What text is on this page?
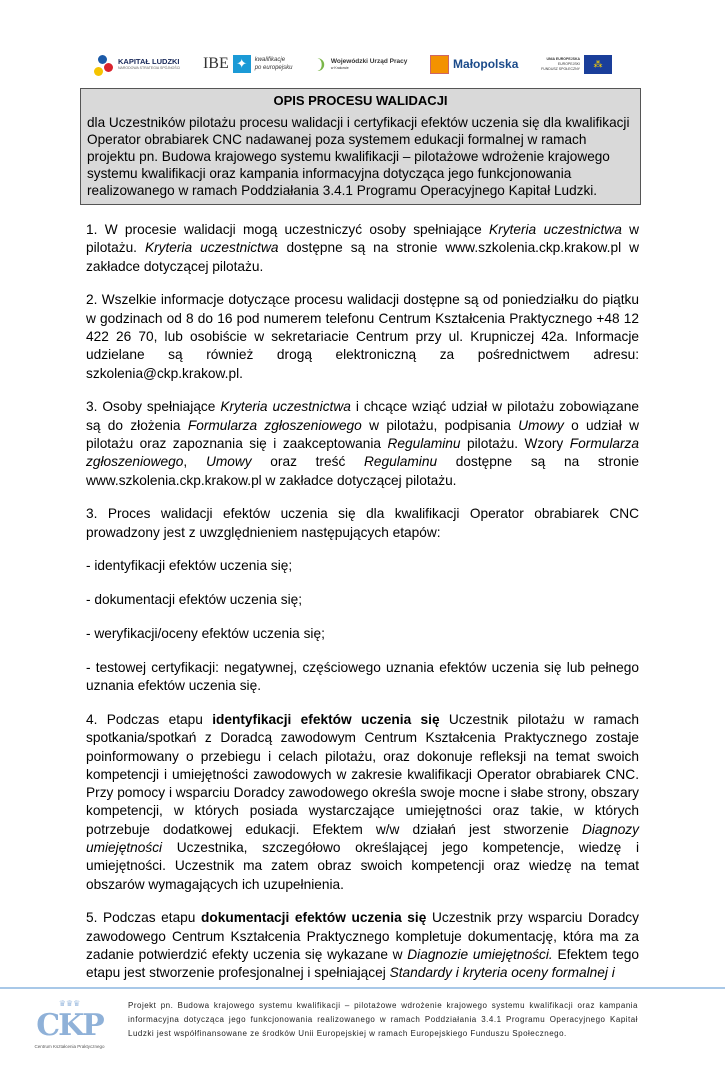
KAPITAŁ LUDZKI
NARODOWA STRATEGIA SPÓJNOŚCI IBE ✦	kwalifikacje
po europejsku ❩ Wojewódzki Urząd Pracy
w Krakowie	Małopolska	UNIA EUROPEJSKA
EUROPEJSKI
FUNDUSZ SPOŁECZNY	⁂
OPIS PROCESU WALIDACJI

dla Uczestników pilotażu procesu walidacji i certyfikacji efektów uczenia się dla kwalifikacji Operator obrabiarek CNC nadawanej poza systemem edukacji formalnej w ramach projektu pn. Budowa krajowego systemu kwalifikacji – pilotażowe wdrożenie krajowego systemu kwalifikacji oraz kampania informacyjna dotycząca jego funkcjonowania realizowanego w ramach Poddziałania 3.4.1 Programu Operacyjnego Kapitał Ludzki.

1. W procesie walidacji mogą uczestniczyć osoby spełniające Kryteria uczestnictwa w pilotażu. Kryteria uczestnictwa dostępne są na stronie www.szkolenia.ckp.krakow.pl w zakładce dotyczącej pilotażu.

2. Wszelkie informacje dotyczące procesu walidacji dostępne są od poniedziałku do piątku w godzinach od 8 do 16 pod numerem telefonu Centrum Kształcenia Praktycznego +48 12 422 26 70, lub osobiście w sekretariacie Centrum przy ul. Krupniczej 42a. Informacje udzielane są również drogą elektroniczną za pośrednictwem adresu: szkolenia@ckp.krakow.pl.

3. Osoby spełniające Kryteria uczestnictwa i chcące wziąć udział w pilotażu zobowiązane są do złożenia Formularza zgłoszeniowego w pilotażu, podpisania Umowy o udział w pilotażu oraz zapoznania się i zaakceptowania Regulaminu pilotażu. Wzory Formularza zgłoszeniowego, Umowy oraz treść Regulaminu dostępne są na stronie www.szkolenia.ckp.krakow.pl w zakładce dotyczącej pilotażu.

3. Proces walidacji efektów uczenia się dla kwalifikacji Operator obrabiarek CNC prowadzony jest z uwzględnieniem następujących etapów:

- identyfikacji efektów uczenia się;

- dokumentacji efektów uczenia się;

- weryfikacji/oceny efektów uczenia się;

- testowej certyfikacji: negatywnej, częściowego uznania efektów uczenia się lub pełnego uznania efektów uczenia się.

4. Podczas etapu identyfikacji efektów uczenia się Uczestnik pilotażu w ramach spotkania/spotkań z Doradcą zawodowym Centrum Kształcenia Praktycznego zostaje poinformowany o przebiegu i celach pilotażu, oraz dokonuje refleksji na temat swoich kompetencji i umiejętności zawodowych w zakresie kwalifikacji Operator obrabiarek CNC. Przy pomocy i wsparciu Doradcy zawodowego określa swoje mocne i słabe strony, obszary kompetencji, w których posiada wystarczające umiejętności oraz takie, w których potrzebuje dodatkowej edukacji. Efektem w/w działań jest stworzenie Diagnozy umiejętności Uczestnika, szczegółowo określającej jego kompetencje, wiedzę i umiejętności. Uczestnik ma zatem obraz swoich kompetencji oraz wiedzę na temat obszarów wymagających ich uzupełnienia.

5. Podczas etapu dokumentacji efektów uczenia się Uczestnik przy wsparciu Doradcy zawodowego Centrum Kształcenia Praktycznego kompletuje dokumentację, która ma za zadanie potwierdzić efekty uczenia się wykazane w Diagnozie umiejętności. Efektem tego etapu jest stworzenie profesjonalnej i spełniającej Standardy i kryteria oceny formalnej i

♛♛♛
CKP
Centrum Kształcenia Praktycznego
Projekt pn. Budowa krajowego systemu kwalifikacji – pilotażowe wdrożenie krajowego systemu kwalifikacji oraz kampania informacyjna dotycząca jego funkcjonowania realizowanego w ramach Poddziałania 3.4.1 Programu Operacyjnego Kapitał Ludzki jest współfinansowane ze środków Unii Europejskiej w ramach Europejskiego Funduszu Społecznego.
